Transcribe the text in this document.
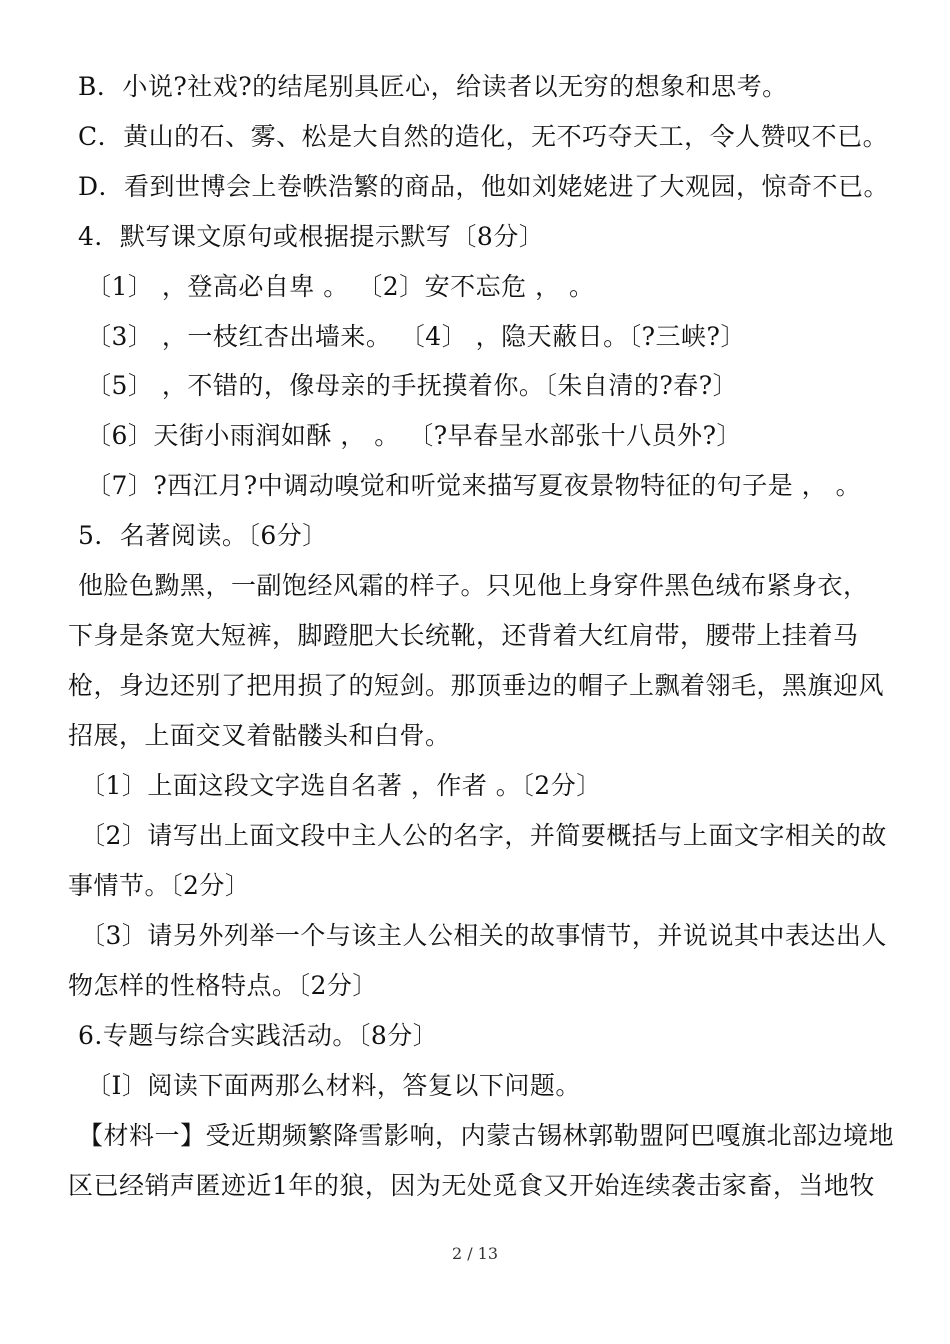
B．小说?社戏?的结尾别具匠心，给读者以无穷的想象和思考。
C．黄山的石、雾、松是大自然的造化，无不巧夺天工，令人赞叹不已。
D．看到世博会上卷帙浩繁的商品，他如刘姥姥进了大观园，惊奇不已。
4．默写课文原句或根据提示默写〔8分〕
〔1〕 ，登高必自卑 。 〔2〕安不忘危 ， 。
〔3〕 ，一枝红杏出墙来。 〔4〕 ，隐天蔽日。〔?三峡?〕
〔5〕 ，不错的，像母亲的手抚摸着你。〔朱自清的?春?〕
〔6〕天街小雨润如酥 ， 。 〔?早春呈水部张十八员外?〕
〔7〕?西江月?中调动嗅觉和听觉来描写夏夜景物特征的句子是 ， 。
5．名著阅读。〔6分〕
他脸色黝黑，一副饱经风霜的样子。只见他上身穿件黑色绒布紧身衣，
下身是条宽大短裤，脚蹬肥大长统靴，还背着大红肩带，腰带上挂着马
枪，身边还别了把用损了的短剑。那顶垂边的帽子上飘着翎毛，黑旗迎风
招展，上面交叉着骷髅头和白骨。
〔1〕上面这段文字选自名著 ，作者 。〔2分〕
〔2〕请写出上面文段中主人公的名字，并简要概括与上面文字相关的故
事情节。〔2分〕
〔3〕请另外列举一个与该主人公相关的故事情节，并说说其中表达出人
物怎样的性格特点。〔2分〕
6.专题与综合实践活动。〔8分〕
〔Ⅰ〕阅读下面两那么材料，答复以下问题。
【材料一】受近期频繁降雪影响，内蒙古锡林郭勒盟阿巴嘎旗北部边境地
区已经销声匿迹近1年的狼，因为无处觅食又开始连续袭击家畜，当地牧
2 / 13
